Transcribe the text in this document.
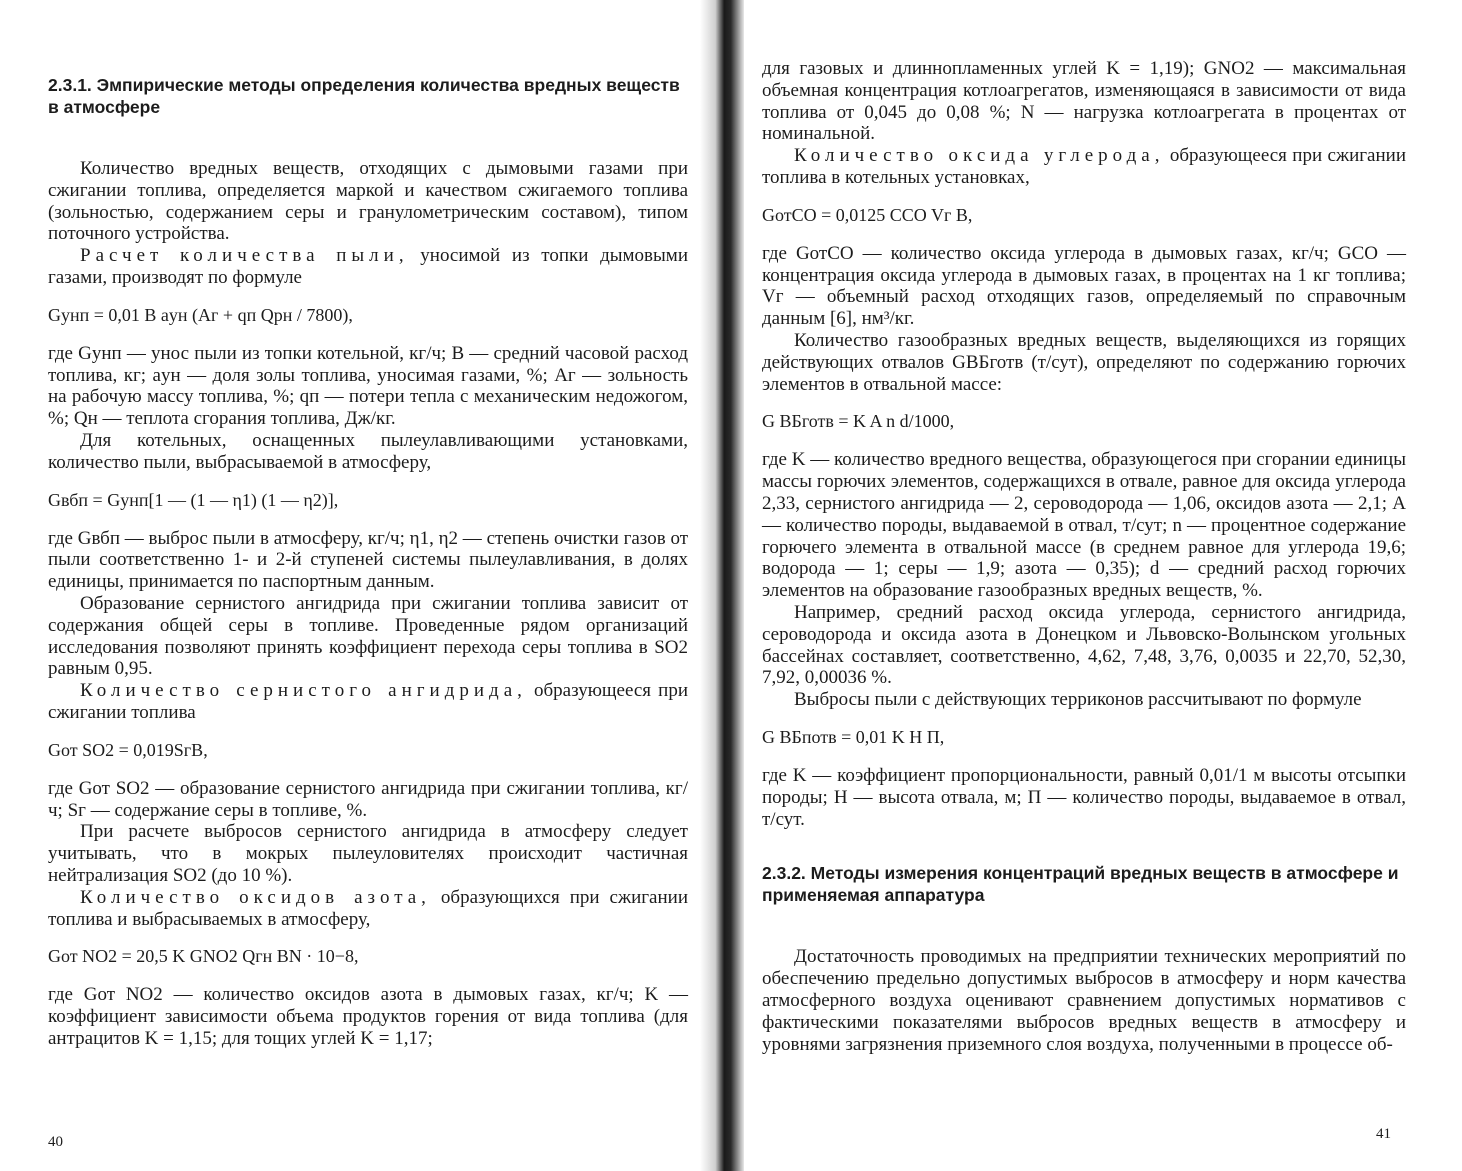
2.3.1. Эмпирические методы определения количества вредных веществ в атмосфере

Количество вредных веществ, отходящих с дымовыми газами при сжигании топлива, определяется маркой и качеством сжигаемого топлива (зольностью, содержанием серы и гранулометрическим составом), типом поточного устройства.

Расчет количества пыли, уносимой из топки дымовыми газами, производят по формуле

Gунп = 0,01 B aун (Aг + qп Qрн / 7800),

где Gунп — унос пыли из топки котельной, кг/ч; B — средний часовой расход топлива, кг; aун — доля золы топлива, уносимая газами, %; Aг — зольность на рабочую массу топлива, %; qп — потери тепла с механическим недожогом, %; Qн — теплота сгорания топлива, Дж/кг.

Для котельных, оснащенных пылеулавливающими установками, количество пыли, выбрасываемой в атмосферу,

Gвбп = Gунп[1 — (1 — η1) (1 — η2)],

где Gвбп — выброс пыли в атмосферу, кг/ч; η1, η2 — степень очистки газов от пыли соответственно 1- и 2-й ступеней системы пылеулавливания, в долях единицы, принимается по паспортным данным.

Образование сернистого ангидрида при сжигании топлива зависит от содержания общей серы в топливе. Проведенные рядом организаций исследования позволяют принять коэффициент перехода серы топлива в SO2 равным 0,95.

Количество сернистого ангидрида, образующееся при сжигании топлива

Gот SO2 = 0,019SгB,

где Gот SO2 — образование сернистого ангидрида при сжигании топлива, кг/ч; Sг — содержание серы в топливе, %.

При расчете выбросов сернистого ангидрида в атмосферу следует учитывать, что в мокрых пылеуловителях происходит частичная нейтрализация SO2 (до 10 %).

Количество оксидов азота, образующихся при сжигании топлива и выбрасываемых в атмосферу,

Gот NO2 = 20,5 K GNO2 Qгн BN · 10−8,

где Gот NO2 — количество оксидов азота в дымовых газах, кг/ч; K — коэффициент зависимости объема продуктов горения от вида топлива (для антрацитов K = 1,15; для тощих углей K = 1,17;

40

для газовых и длиннопламенных углей K = 1,19); GNO2 — максимальная объемная концентрация котлоагрегатов, изменяющаяся в зависимости от вида топлива от 0,045 до 0,08 %; N — нагрузка котлоагрегата в процентах от номинальной.

Количество оксида углерода, образующееся при сжигании топлива в котельных установках,

GотCO = 0,0125 CCO Vг B,

где GотCO — количество оксида углерода в дымовых газах, кг/ч; GCO — концентрация оксида углерода в дымовых газах, в процентах на 1 кг топлива; Vг — объемный расход отходящих газов, определяемый по справочным данным [6], нм³/кг.

Количество газообразных вредных веществ, выделяющихся из горящих действующих отвалов GВБготв (т/сут), определяют по содержанию горючих элементов в отвальной массе:

G ВБготв = K A n d/1000,

где K — количество вредного вещества, образующегося при сгорании единицы массы горючих элементов, содержащихся в отвале, равное для оксида углерода 2,33, сернистого ангидрида — 2, сероводорода — 1,06, оксидов азота — 2,1; A — количество породы, выдаваемой в отвал, т/сут; n — процентное содержание горючего элемента в отвальной массе (в среднем равное для углерода 19,6; водорода — 1; серы — 1,9; азота — 0,35); d — средний расход горючих элементов на образование газообразных вредных веществ, %.

Например, средний расход оксида углерода, сернистого ангидрида, сероводорода и оксида азота в Донецком и Львовско-Волынском угольных бассейнах составляет, соответственно, 4,62, 7,48, 3,76, 0,0035 и 22,70, 52,30, 7,92, 0,00036 %.

Выбросы пыли с действующих терриконов рассчитывают по формуле

G ВБпотв = 0,01 K H П,

где K — коэффициент пропорциональности, равный 0,01/1 м высоты отсыпки породы; H — высота отвала, м; П — количество породы, выдаваемое в отвал, т/сут.

2.3.2. Методы измерения концентраций вредных веществ в атмосфере и применяемая аппаратура

Достаточность проводимых на предприятии технических мероприятий по обеспечению предельно допустимых выбросов в атмосферу и норм качества атмосферного воздуха оценивают сравнением допустимых нормативов с фактическими показателями выбросов вредных веществ в атмосферу и уровнями загрязнения приземного слоя воздуха, полученными в процессе об-

41
